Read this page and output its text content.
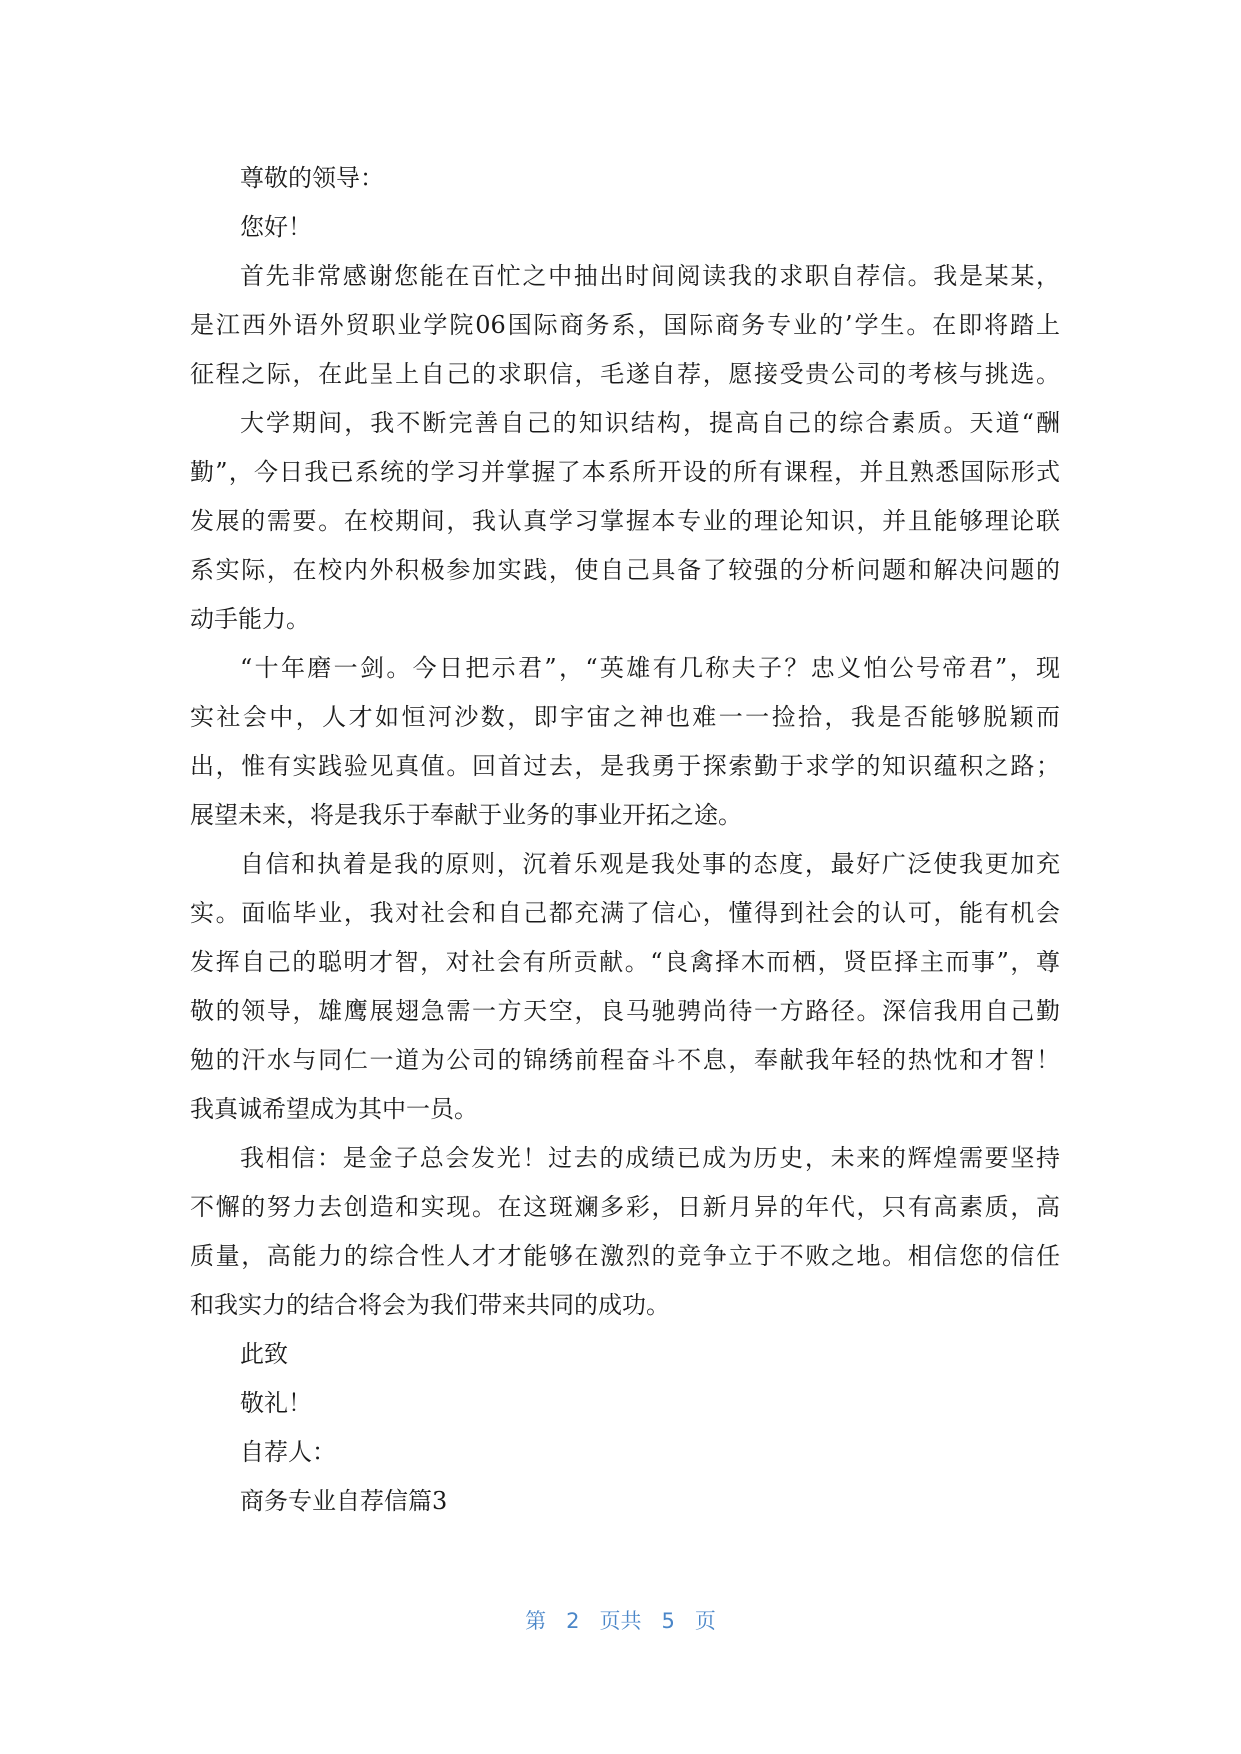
尊敬的领导：
您好！
首先非常感谢您能在百忙之中抽出时间阅读我的求职自荐信。我是某某，
是江西外语外贸职业学院06国际商务系，国际商务专业的’学生。在即将踏上
征程之际，在此呈上自己的求职信，毛遂自荐，愿接受贵公司的考核与挑选。
大学期间，我不断完善自己的知识结构，提高自己的综合素质。天道“酬
勤”，今日我已系统的学习并掌握了本系所开设的所有课程，并且熟悉国际形式
发展的需要。在校期间，我认真学习掌握本专业的理论知识，并且能够理论联
系实际，在校内外积极参加实践，使自己具备了较强的分析问题和解决问题的
动手能力。
“十年磨一剑。今日把示君”，“英雄有几称夫子？忠义怕公号帝君”，现
实社会中，人才如恒河沙数，即宇宙之神也难一一捡拾，我是否能够脱颖而
出，惟有实践验见真值。回首过去，是我勇于探索勤于求学的知识蕴积之路；
展望未来，将是我乐于奉献于业务的事业开拓之途。
自信和执着是我的原则，沉着乐观是我处事的态度，最好广泛使我更加充
实。面临毕业，我对社会和自己都充满了信心，懂得到社会的认可，能有机会
发挥自己的聪明才智，对社会有所贡献。“良禽择木而栖，贤臣择主而事”，尊
敬的领导，雄鹰展翅急需一方天空，良马驰骋尚待一方路径。深信我用自己勤
勉的汗水与同仁一道为公司的锦绣前程奋斗不息，奉献我年轻的热忱和才智！
我真诚希望成为其中一员。
我相信：是金子总会发光！过去的成绩已成为历史，未来的辉煌需要坚持
不懈的努力去创造和实现。在这斑斓多彩，日新月异的年代，只有高素质，高
质量，高能力的综合性人才才能够在激烈的竞争立于不败之地。相信您的信任
和我实力的结合将会为我们带来共同的成功。
此致
敬礼！
自荐人：
商务专业自荐信篇3
第 2 页共 5 页
